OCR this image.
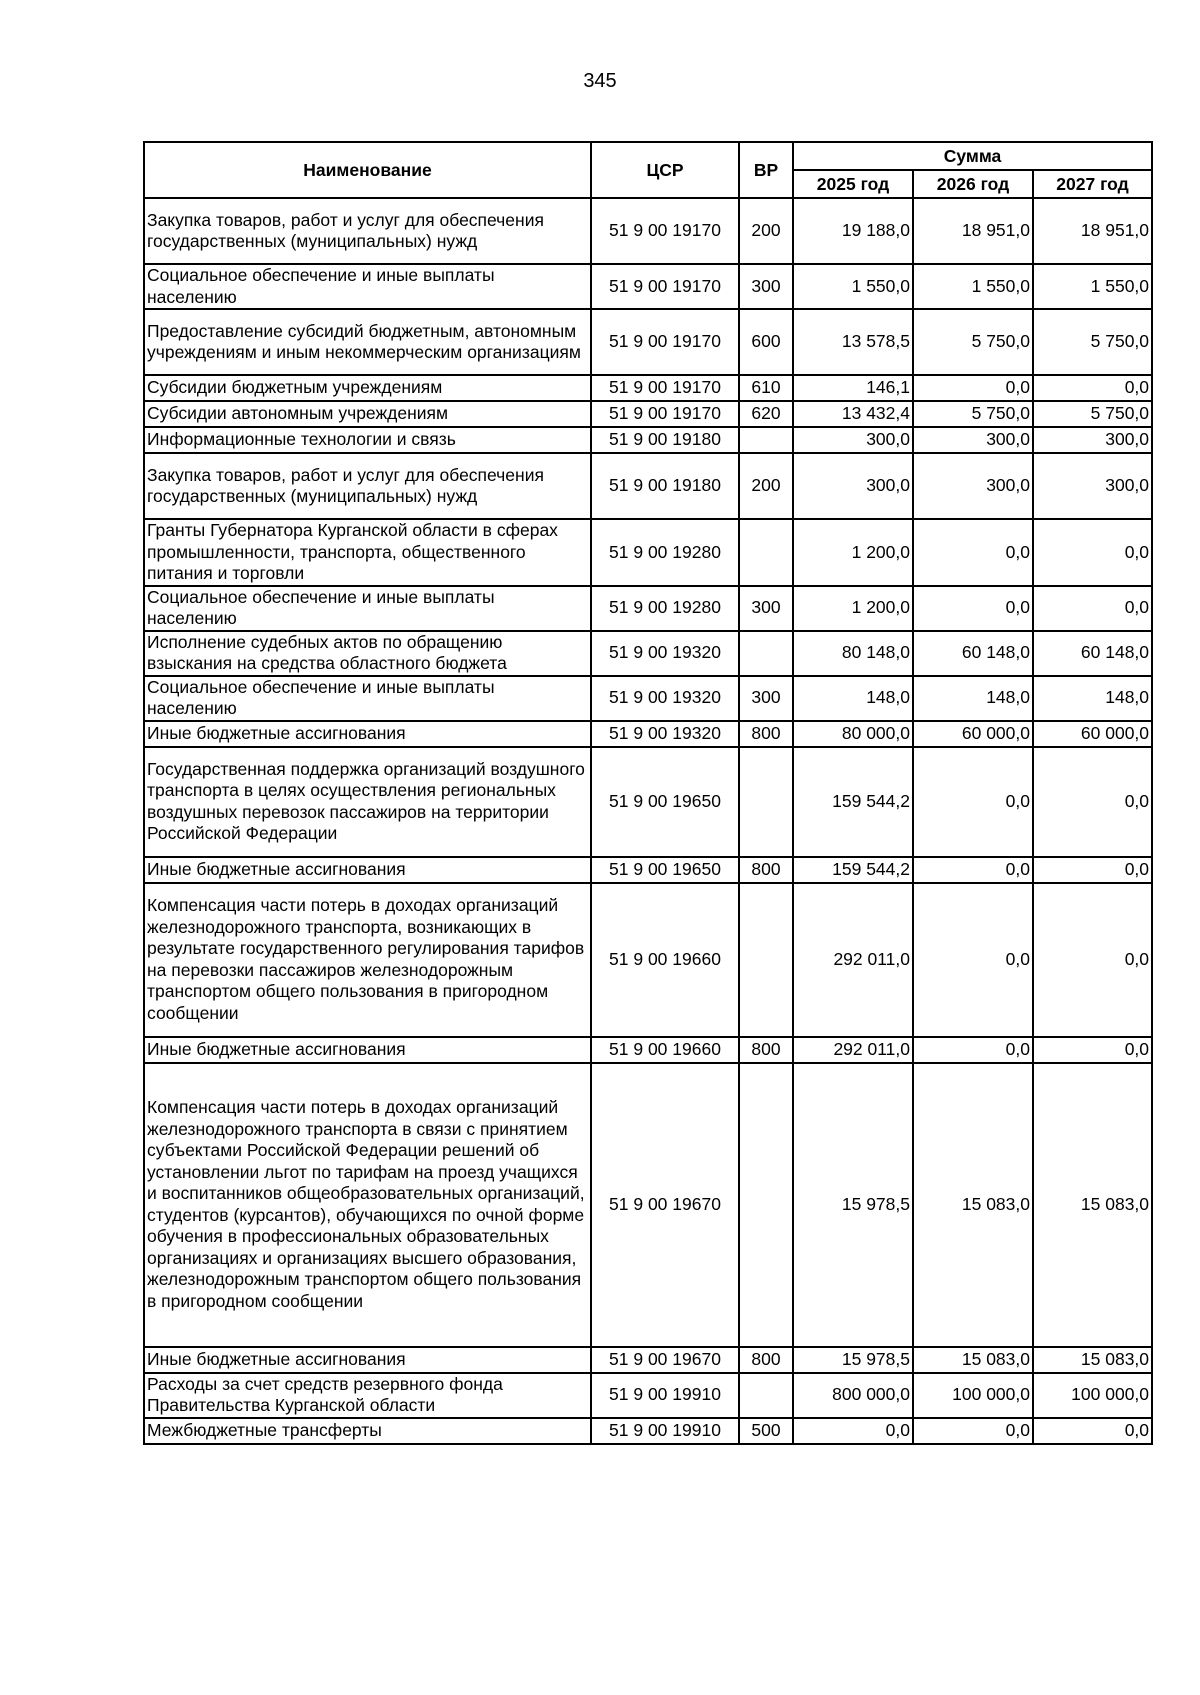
345
Наименование	ЦСР	ВР	Сумма		
			2025 год	2026 год	2027 год
Закупка товаров, работ и услуг для обеспечения государственных (муниципальных) нужд	51 9 00 19170	200	19 188,0	18 951,0	18 951,0
Социальное обеспечение и иные выплаты населению	51 9 00 19170	300	1 550,0	1 550,0	1 550,0
Предоставление субсидий бюджетным, автономным учреждениям и иным некоммерческим организациям	51 9 00 19170	600	13 578,5	5 750,0	5 750,0
Субсидии бюджетным учреждениям	51 9 00 19170	610	146,1	0,0	0,0
Субсидии автономным учреждениям	51 9 00 19170	620	13 432,4	5 750,0	5 750,0
Информационные технологии и связь	51 9 00 19180		300,0	300,0	300,0
Закупка товаров, работ и услуг для обеспечения государственных (муниципальных) нужд	51 9 00 19180	200	300,0	300,0	300,0
Гранты Губернатора Курганской области в сферах промышленности, транспорта, общественного питания и торговли	51 9 00 19280		1 200,0	0,0	0,0
Социальное обеспечение и иные выплаты населению	51 9 00 19280	300	1 200,0	0,0	0,0
Исполнение судебных актов по обращению взыскания на средства областного бюджета	51 9 00 19320		80 148,0	60 148,0	60 148,0
Социальное обеспечение и иные выплаты населению	51 9 00 19320	300	148,0	148,0	148,0
Иные бюджетные ассигнования	51 9 00 19320	800	80 000,0	60 000,0	60 000,0
Государственная поддержка организаций воздушного транспорта в целях осуществления региональных воздушных перевозок пассажиров на территории Российской Федерации	51 9 00 19650		159 544,2	0,0	0,0
Иные бюджетные ассигнования	51 9 00 19650	800	159 544,2	0,0	0,0
Компенсация части потерь в доходах организаций железнодорожного транспорта, возникающих в результате государственного регулирования тарифов на перевозки пассажиров железнодорожным транспортом общего пользования в пригородном сообщении	51 9 00 19660		292 011,0	0,0	0,0
Иные бюджетные ассигнования	51 9 00 19660	800	292 011,0	0,0	0,0
Компенсация части потерь в доходах организаций железнодорожного транспорта в связи с принятием субъектами Российской Федерации решений об установлении льгот по тарифам на проезд учащихся и воспитанников общеобразовательных организаций, студентов (курсантов), обучающихся по очной форме обучения в профессиональных образовательных организациях и организациях высшего образования, железнодорожным транспортом общего пользования в пригородном сообщении	51 9 00 19670		15 978,5	15 083,0	15 083,0
Иные бюджетные ассигнования	51 9 00 19670	800	15 978,5	15 083,0	15 083,0
Расходы за счет средств резервного фонда Правительства Курганской области	51 9 00 19910		800 000,0	100 000,0	100 000,0
Межбюджетные трансферты	51 9 00 19910	500	0,0	0,0	0,0
